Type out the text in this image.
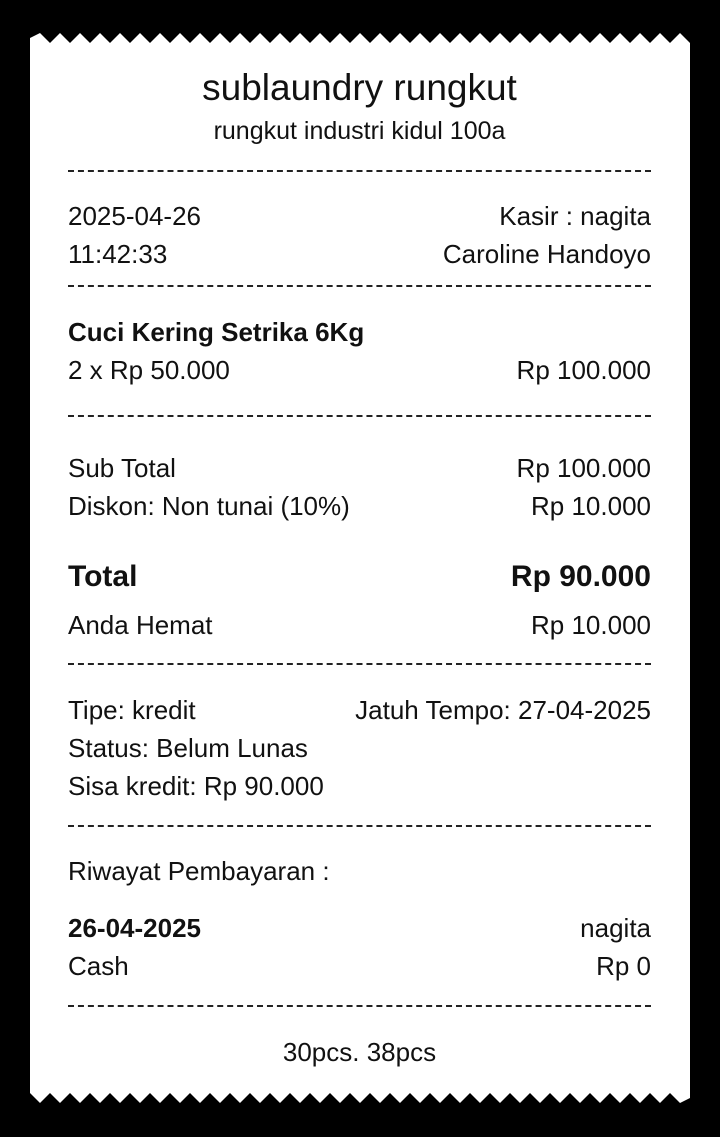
sublaundry rungkut
rungkut industri kidul 100a
2025-04-26	Kasir : nagita
11:42:33	Caroline Handoyo
Cuci Kering Setrika 6Kg
2 x Rp 50.000	Rp 100.000
Sub Total	Rp 100.000
Diskon: Non tunai (10%)	Rp 10.000
Total	Rp 90.000
Anda Hemat	Rp 10.000
Tipe: kredit	Jatuh Tempo: 27-04-2025
Status: Belum Lunas
Sisa kredit: Rp 90.000
Riwayat Pembayaran :
26-04-2025	nagita
Cash	Rp 0
30pcs. 38pcs
